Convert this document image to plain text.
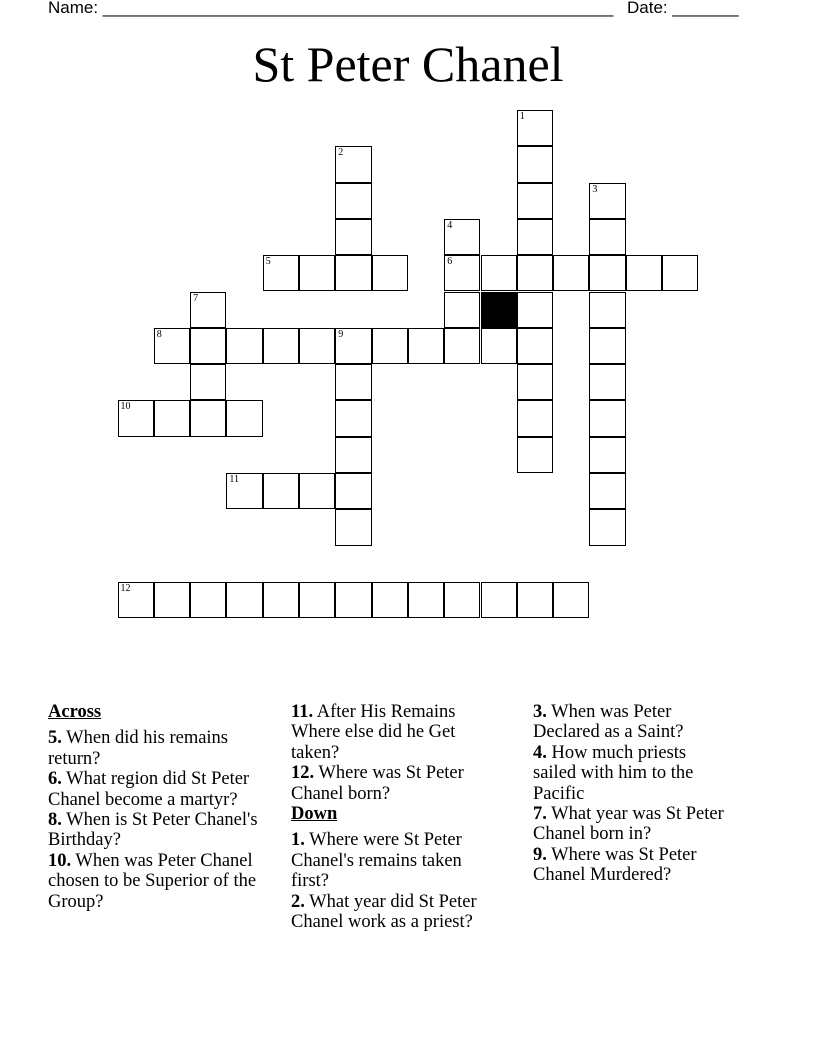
Name: ______________________________________________________ Date: _______
St Peter Chanel
1
2
3
4
5	6
7
8	9
10
11
12
Across
5. When did his remains return?
6. What region did St Peter Chanel become a martyr?
8. When is St Peter Chanel's Birthday?
10. When was Peter Chanel chosen to be Superior of the Group?
11. After His Remains Where else did he Get taken?
12. Where was St Peter Chanel born?
Down
1. Where were St Peter Chanel's remains taken first?
2. What year did St Peter Chanel work as a priest?
3. When was Peter Declared as a Saint?
4. How much priests sailed with him to the Pacific
7. What year was St Peter Chanel born in?
9. Where was St Peter Chanel Murdered?
